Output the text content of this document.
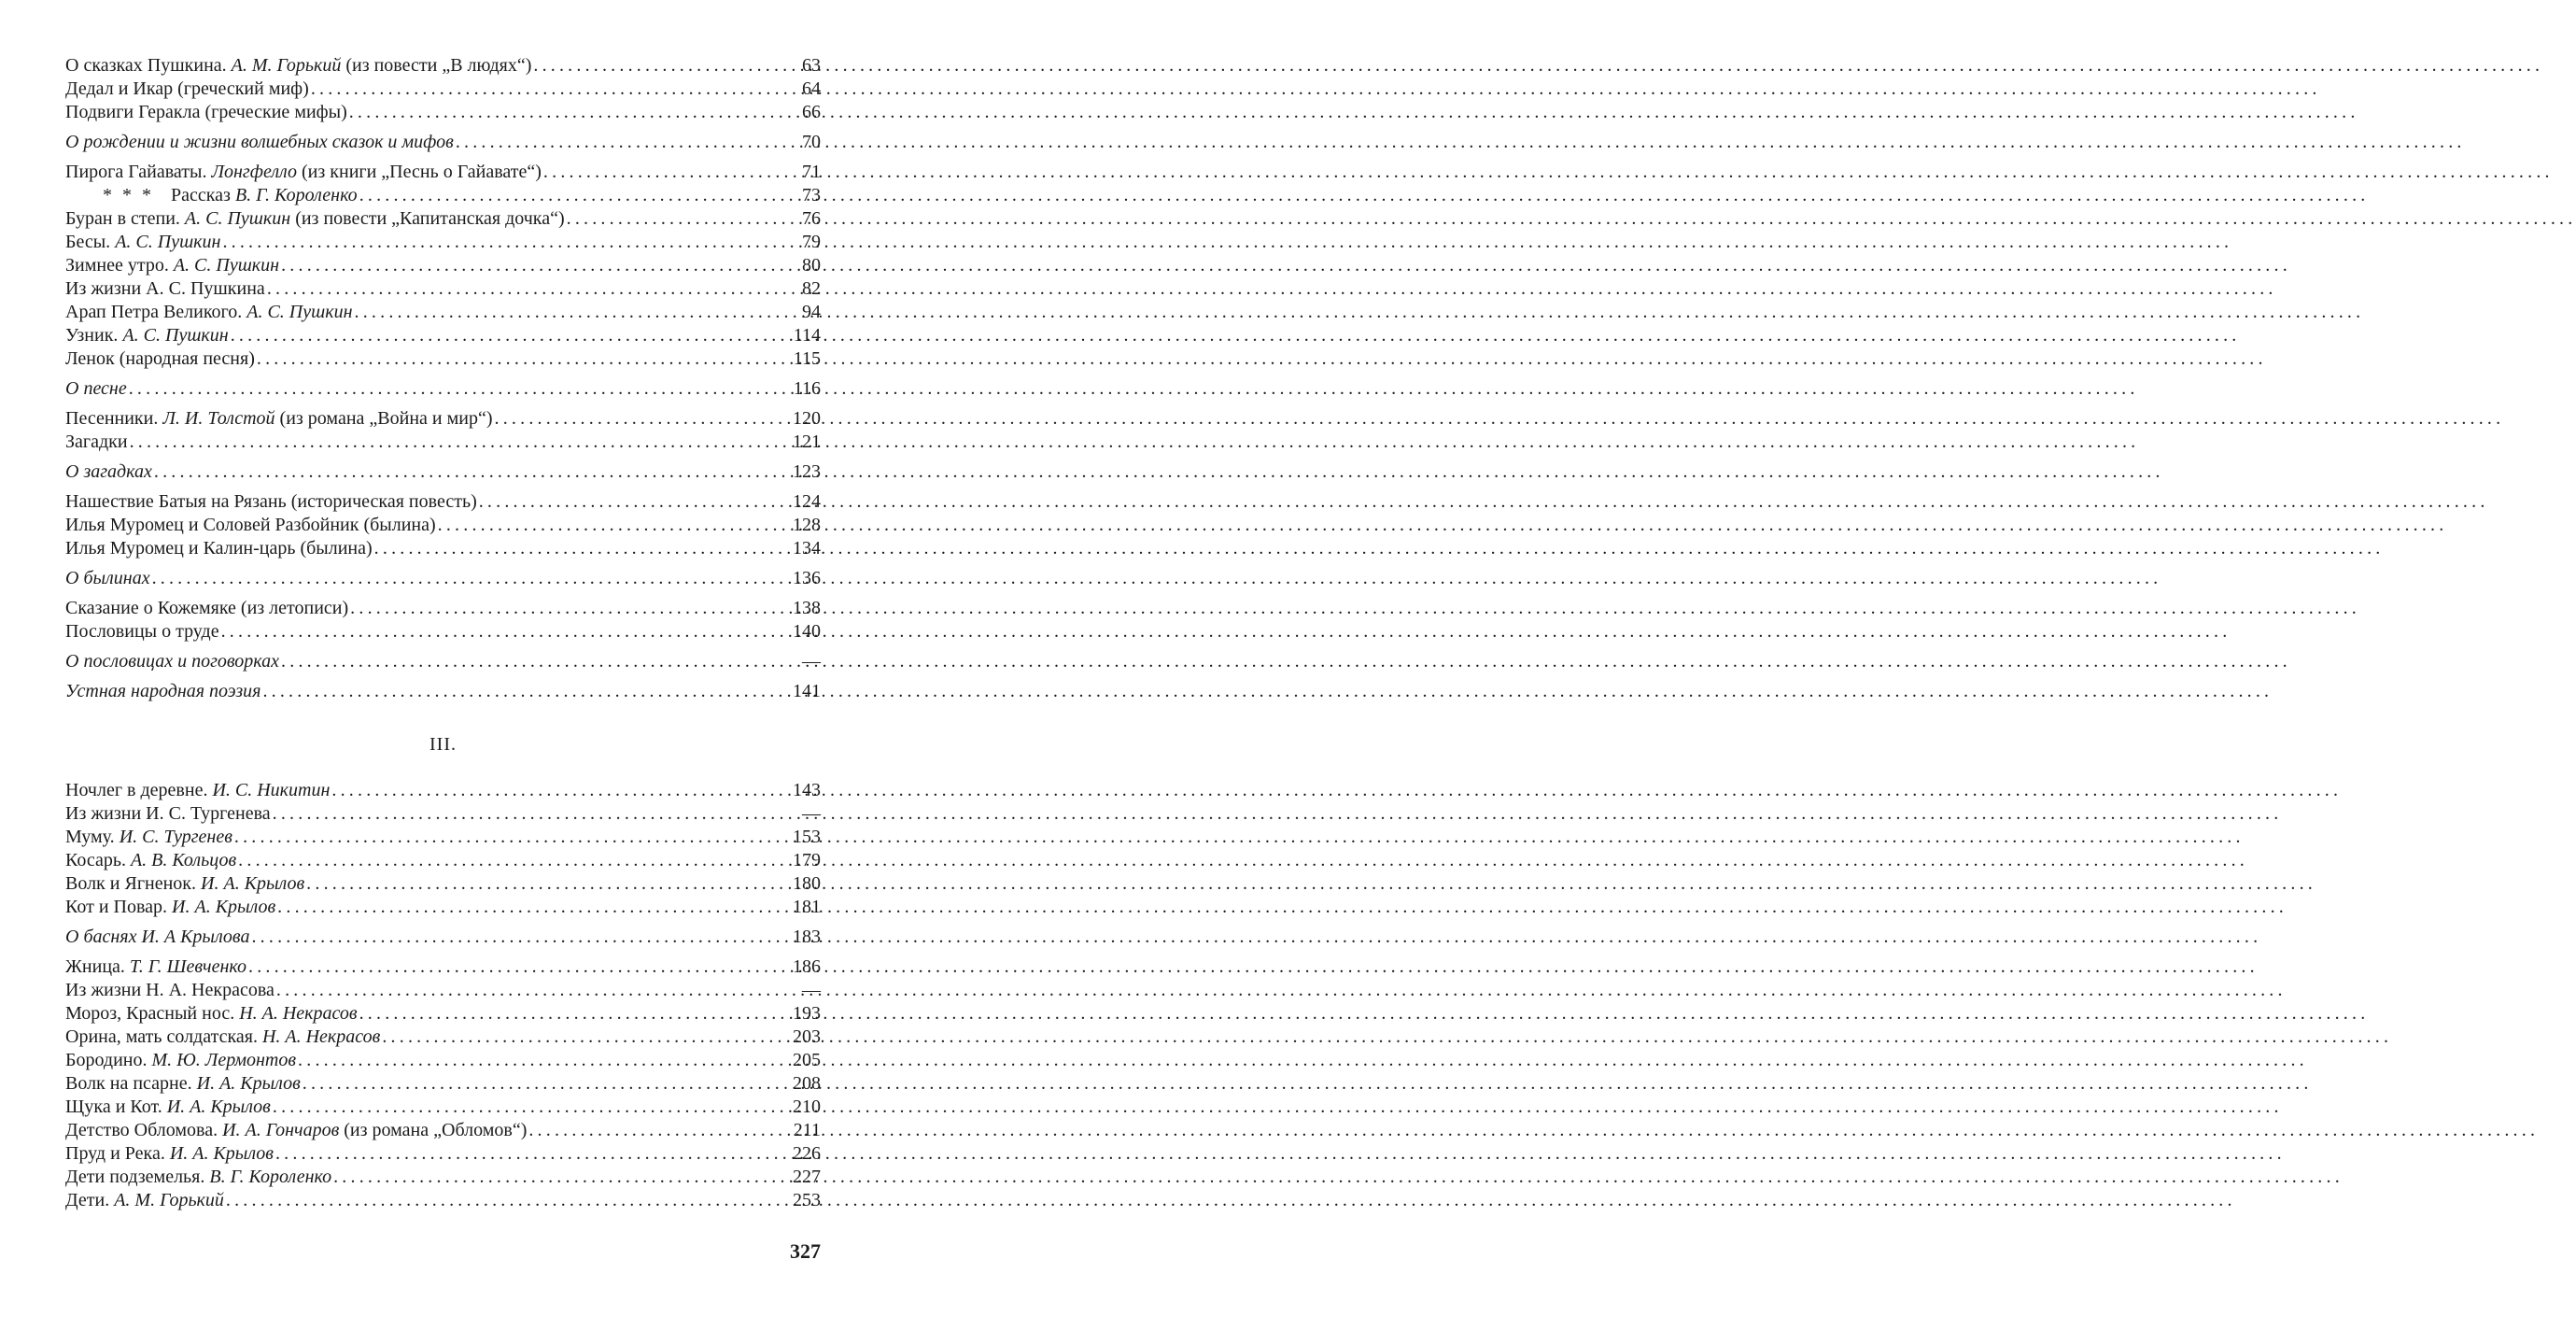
О сказках Пушкина. А. М. Горький (из повести „В людях“) .....	63
Дедал и Икар (греческий миф) .....	64
Подвиги Геракла (греческие мифы) .....	66
О рождении и жизни волшебных сказок и мифов .....	70
Пирога Гайаваты. Лонгфелло (из книги „Песнь о Гайавате“) .....	71
* * * Рассказ В. Г. Короленко .....	73
Буран в степи. А. С. Пушкин (из повести „Капитанская дочка“) .....	76
Бесы. А. С. Пушкин .....	79
Зимнее утро. А. С. Пушкин .....	80
Из жизни А. С. Пушкина .....	82
Арап Петра Великого. А. С. Пушкин .....	94
Узник. А. С. Пушкин .....	114
Ленок (народная песня) .....	115
О песне .....	116
Песенники. Л. И. Толстой (из романа „Война и мир“) .....	120
Загадки .....	121
О загадках .....	123
Нашествие Батыя на Рязань (историческая повесть) .....	124
Илья Муромец и Соловей Разбойник (былина) .....	128
Илья Муромец и Калин-царь (былина) .....	134
О былинах .....	136
Сказание о Кожемяке (из летописи) .....	138
Пословицы о труде .....	140
О пословицах и поговорках .....	—
Устная народная поэзия .....	141
III.
Ночлег в деревне. И. С. Никитин .....	143
Из жизни И. С. Тургенева .....	—
Муму. И. С. Тургенев .....	153
Косарь. А. В. Кольцов .....	179
Волк и Ягненок. И. А. Крылов .....	180
Кот и Повар. И. А. Крылов .....	181
О баснях И. А Крылова .....	183
Жница. Т. Г. Шевченко .....	186
Из жизни Н. А. Некрасова .....	—
Мороз, Красный нос. Н. А. Некрасов .....	193
Орина, мать солдатская. Н. А. Некрасов .....	203
Бородино. М. Ю. Лермонтов .....	205
Волк на псарне. И. А. Крылов .....	208
Щука и Кот. И. А. Крылов .....	210
Детство Обломова. И. А. Гончаров (из романа „Обломов“) .....	211
Пруд и Река. И. А. Крылов .....	226
Дети подземелья. В. Г. Короленко .....	227
Дети. А. М. Горький .....	253
327
